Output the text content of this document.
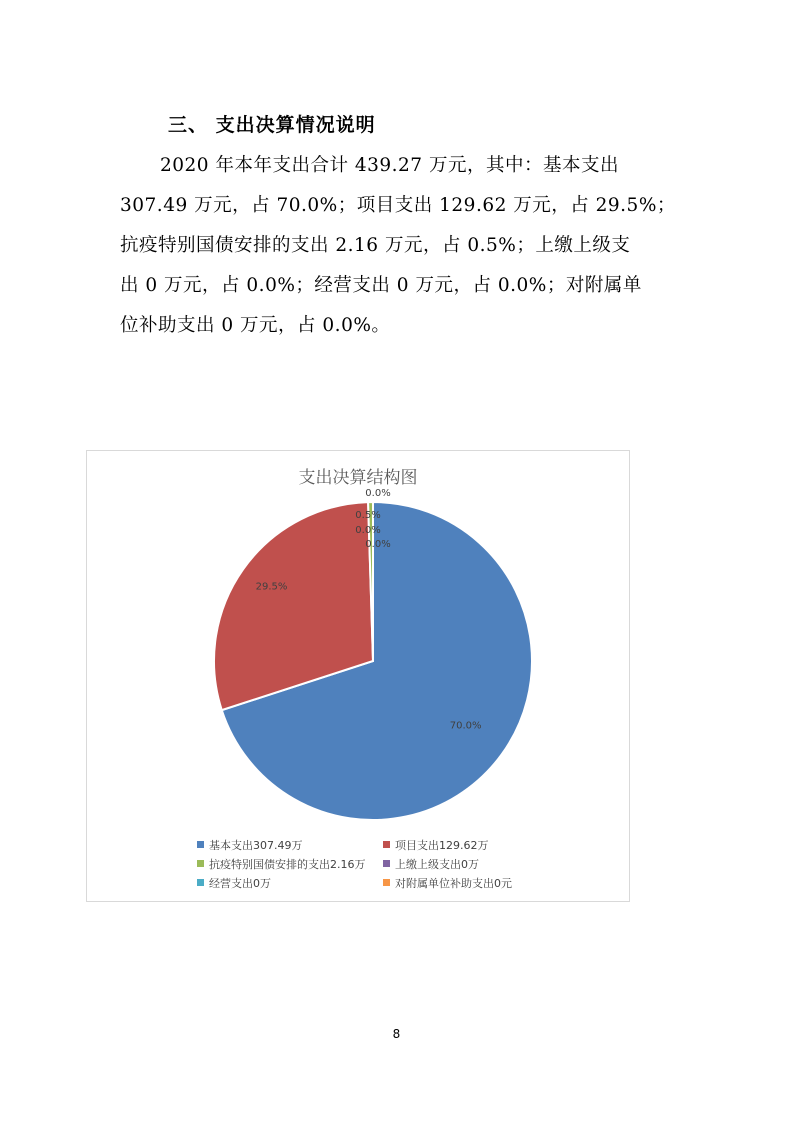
三、 支出决算情况说明
2020 年本年支出合计 439.27 万元，其中：基本支出
307.49 万元，占 70.0%；项目支出 129.62 万元，占 29.5%；
抗疫特别国债安排的支出 2.16 万元，占 0.5%；上缴上级支
出 0 万元，占 0.0%；经营支出 0 万元，占 0.0%；对附属单
位补助支出 0 万元，占 0.0%。
支出决算结构图
70.0%
29.5%
0.5%
0.0%
0.0%
0.0%
基本支出307.49万	项目支出129.62万
抗疫特别国债安排的支出2.16万	上缴上级支出0万
经营支出0万	对附属单位补助支出0元
8
